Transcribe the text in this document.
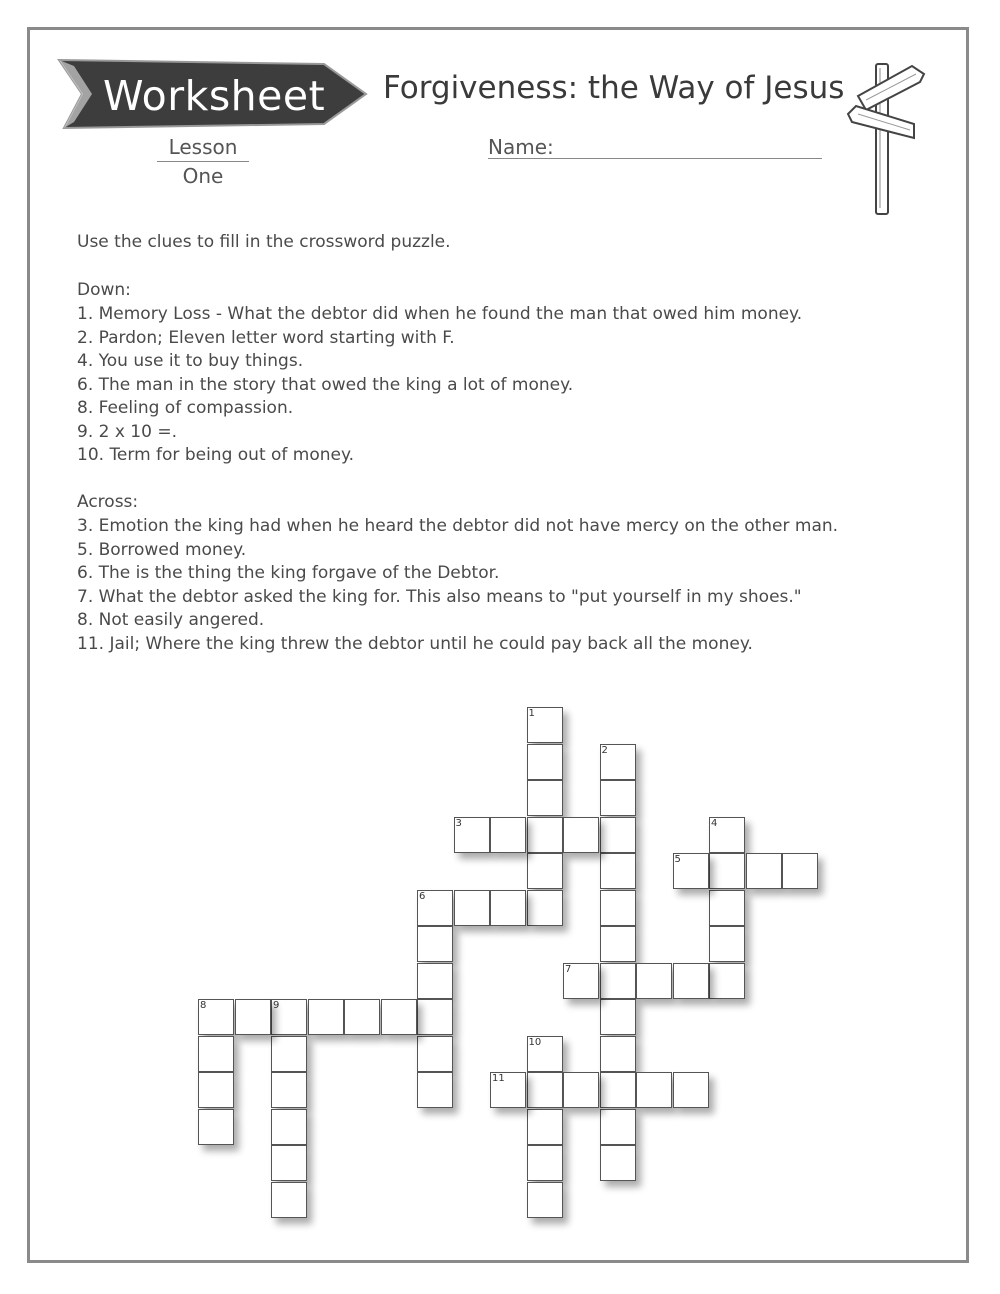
Worksheet Forgiveness: the Way of Jesus
Lesson
One
Name:
Use the clues to fill in the crossword puzzle.
Down:
1. Memory Loss - What the debtor did when he found the man that owed him money.
2. Pardon; Eleven letter word starting with F.
4. You use it to buy things.
6. The man in the story that owed the king a lot of money.
8. Feeling of compassion.
9. 2 x 10 =.
10. Term for being out of money.
Across:
3. Emotion the king had when he heard the debtor did not have mercy on the other man.
5. Borrowed money.
6. The is the thing the king forgave of the Debtor.
7. What the debtor asked the king for. This also means to "put yourself in my shoes."
8. Not easily angered.
11. Jail; Where the king threw the debtor until he could pay back all the money.
1
2
3	4
5
6
7
8	9
10
11
